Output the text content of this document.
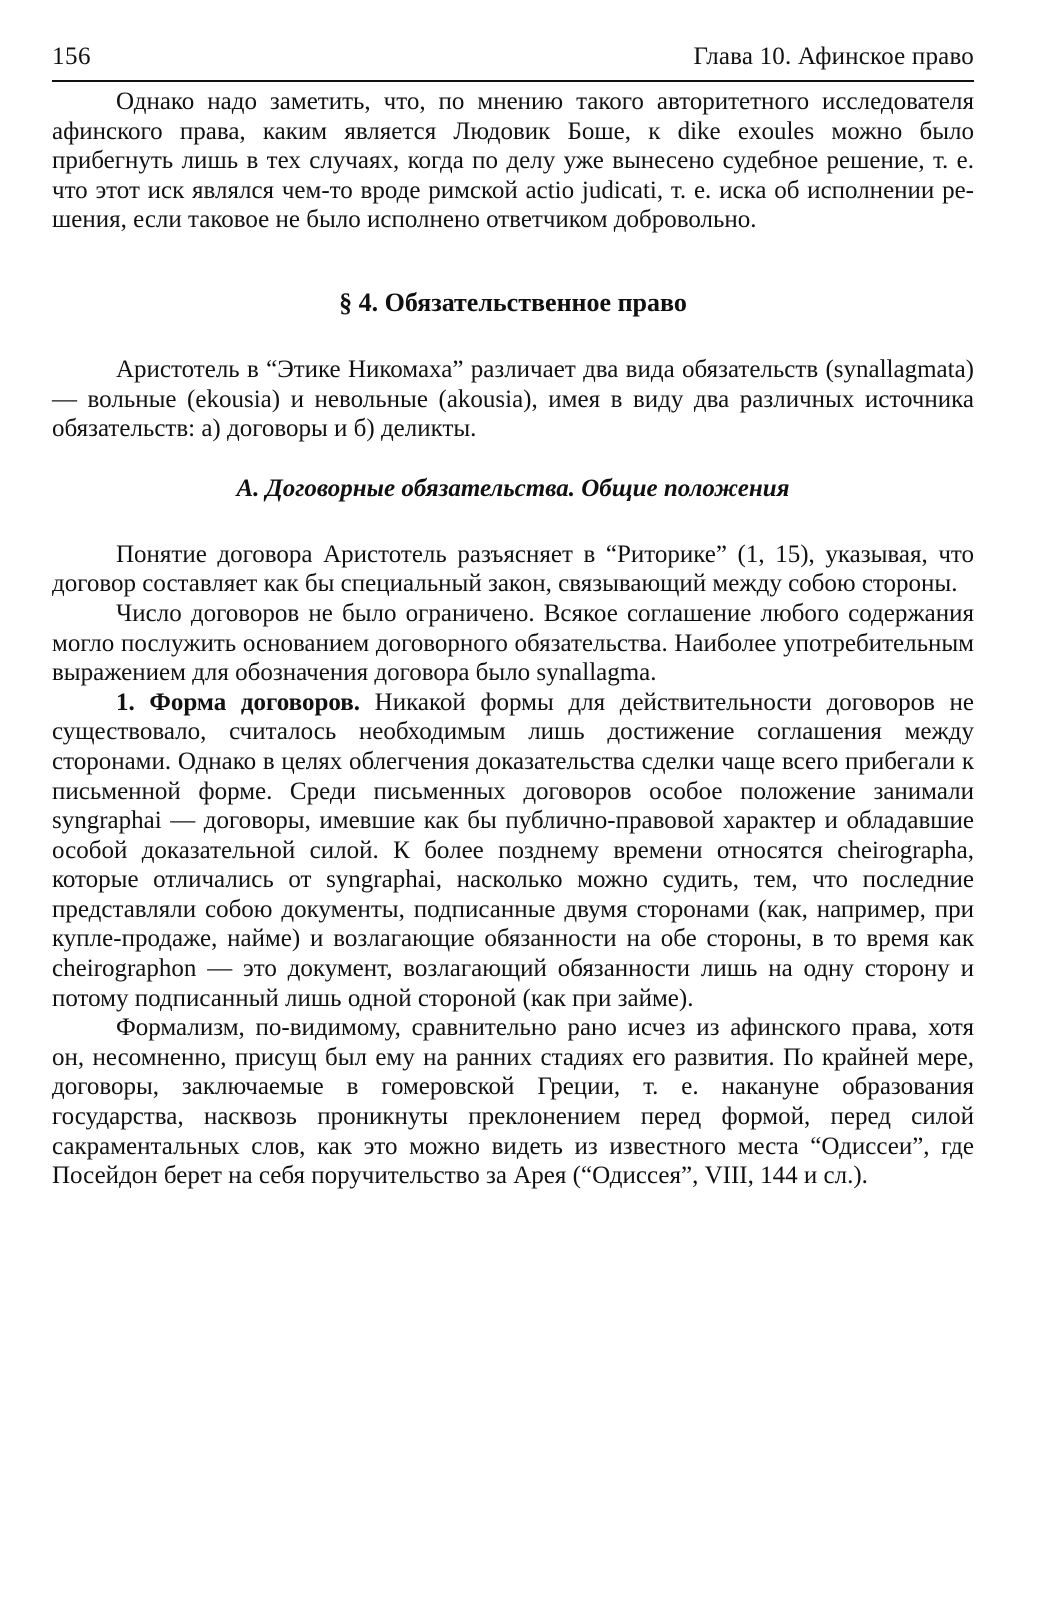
156	Глава 10. Афинское право

Однако надо заметить, что, по мнению такого авторитетного исследователя афинского права, каким является Людовик Боше, к dike exoules можно было прибегнуть лишь в тех случаях, когда по делу уже вынесено судебное решение, т. е. что этот иск являлся чем-то вроде римской actio judicati, т. е. иска об исполнении решения, если таковое не было исполнено ответчиком добровольно.

§ 4. Обязательственное право

Аристотель в “Этике Никомаха” различает два вида обязательств (synallagmata) — вольные (ekousia) и невольные (akousia), имея в виду два различных источника обязательств: а) договоры и б) деликты.

А. Договорные обязательства. Общие положения

Понятие договора Аристотель разъясняет в “Риторике” (1, 15), указывая, что договор составляет как бы специальный закон, связывающий между собою стороны.

Число договоров не было ограничено. Всякое соглашение любого содержания могло послужить основанием договорного обязательства. Наиболее употребительным выражением для обозначения договора было synallagma.

1. Форма договоров. Никакой формы для действительности договоров не существовало, считалось необходимым лишь достижение соглашения между сторонами. Однако в целях облегчения доказательства сделки чаще всего прибегали к письменной форме. Среди письменных договоров особое положение занимали syngraphai — договоры, имевшие как бы публично-правовой характер и обладавшие особой доказательной силой. К более позднему времени относятся cheirographa, которые отличались от syngraphai, насколько можно судить, тем, что последние представляли собою документы, подписанные двумя сторонами (как, например, при купле-продаже, найме) и возлагающие обязанности на обе стороны, в то время как cheirographon — это документ, возлагающий обязанности лишь на одну сторону и потому подписанный лишь одной стороной (как при займе).

Формализм, по-видимому, сравнительно рано исчез из афинского права, хотя он, несомненно, присущ был ему на ранних стадиях его развития. По крайней мере, договоры, заключаемые в гомеровской Греции, т. е. накануне образования государства, насквозь проникнуты преклонением перед формой, перед силой сакраментальных слов, как это можно видеть из известного места “Одиссеи”, где Посейдон берет на себя поручительство за Арея (“Одиссея”, VIII, 144 и сл.).
